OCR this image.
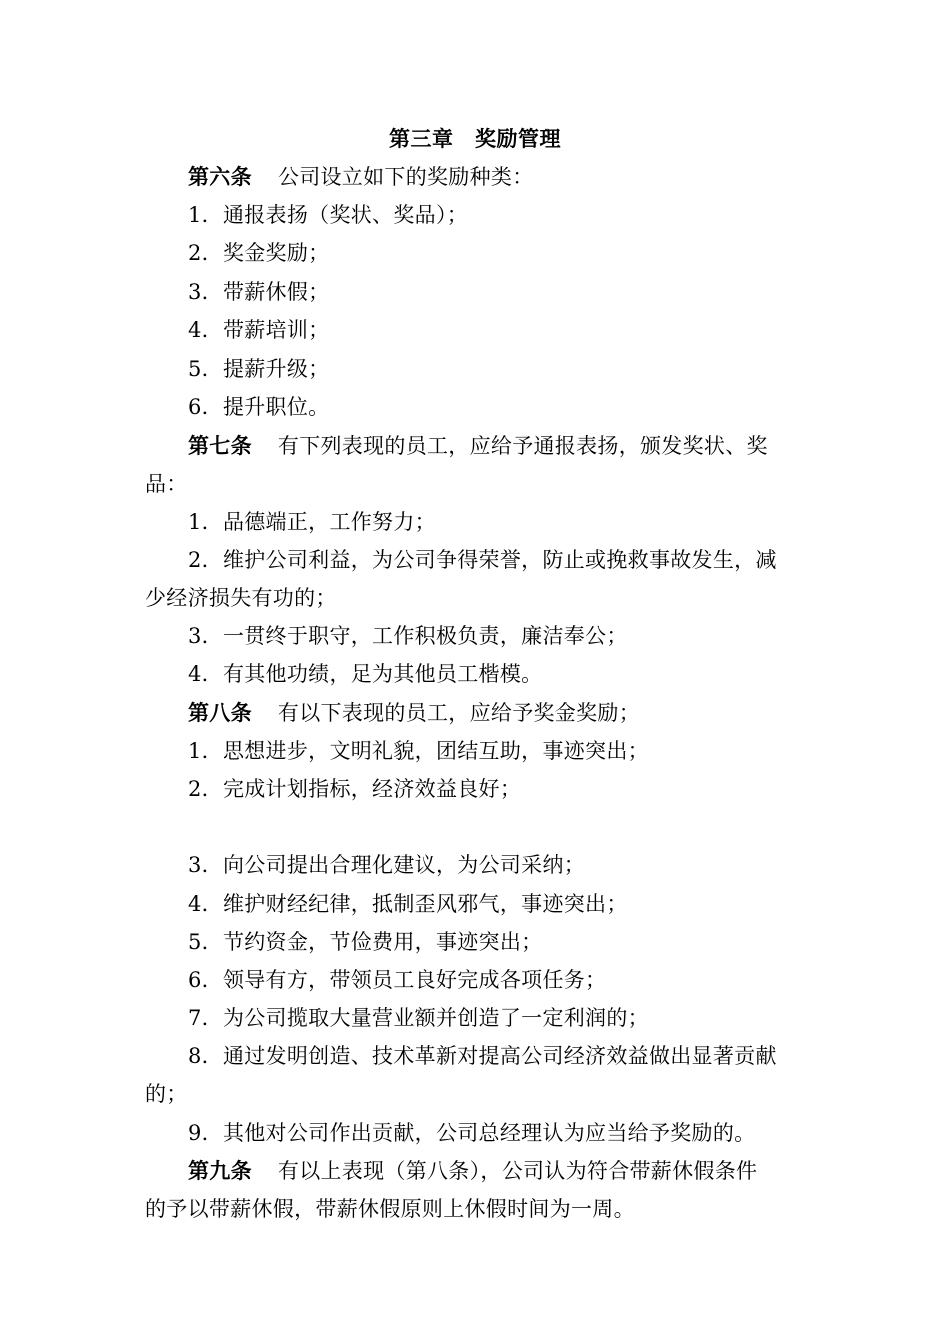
第三章　奖励管理
第六条 公司设立如下的奖励种类：
1．通报表扬（奖状、奖品）；
2．奖金奖励；
3．带薪休假；
4．带薪培训；
5．提薪升级；
6．提升职位。
第七条 有下列表现的员工，应给予通报表扬，颁发奖状、奖
品：
1．品德端正，工作努力；
2．维护公司利益，为公司争得荣誉，防止或挽救事故发生，减
少经济损失有功的；
3．一贯终于职守，工作积极负责，廉洁奉公；
4．有其他功绩，足为其他员工楷模。
第八条 有以下表现的员工，应给予奖金奖励；
1．思想进步，文明礼貌，团结互助，事迹突出；
2．完成计划指标，经济效益良好；
3．向公司提出合理化建议，为公司采纳；
4．维护财经纪律，抵制歪风邪气，事迹突出；
5．节约资金，节俭费用，事迹突出；
6．领导有方，带领员工良好完成各项任务；
7．为公司揽取大量营业额并创造了一定利润的；
8．通过发明创造、技术革新对提高公司经济效益做出显著贡献
的；
9．其他对公司作出贡献，公司总经理认为应当给予奖励的。
第九条 有以上表现（第八条），公司认为符合带薪休假条件
的予以带薪休假，带薪休假原则上休假时间为一周。
